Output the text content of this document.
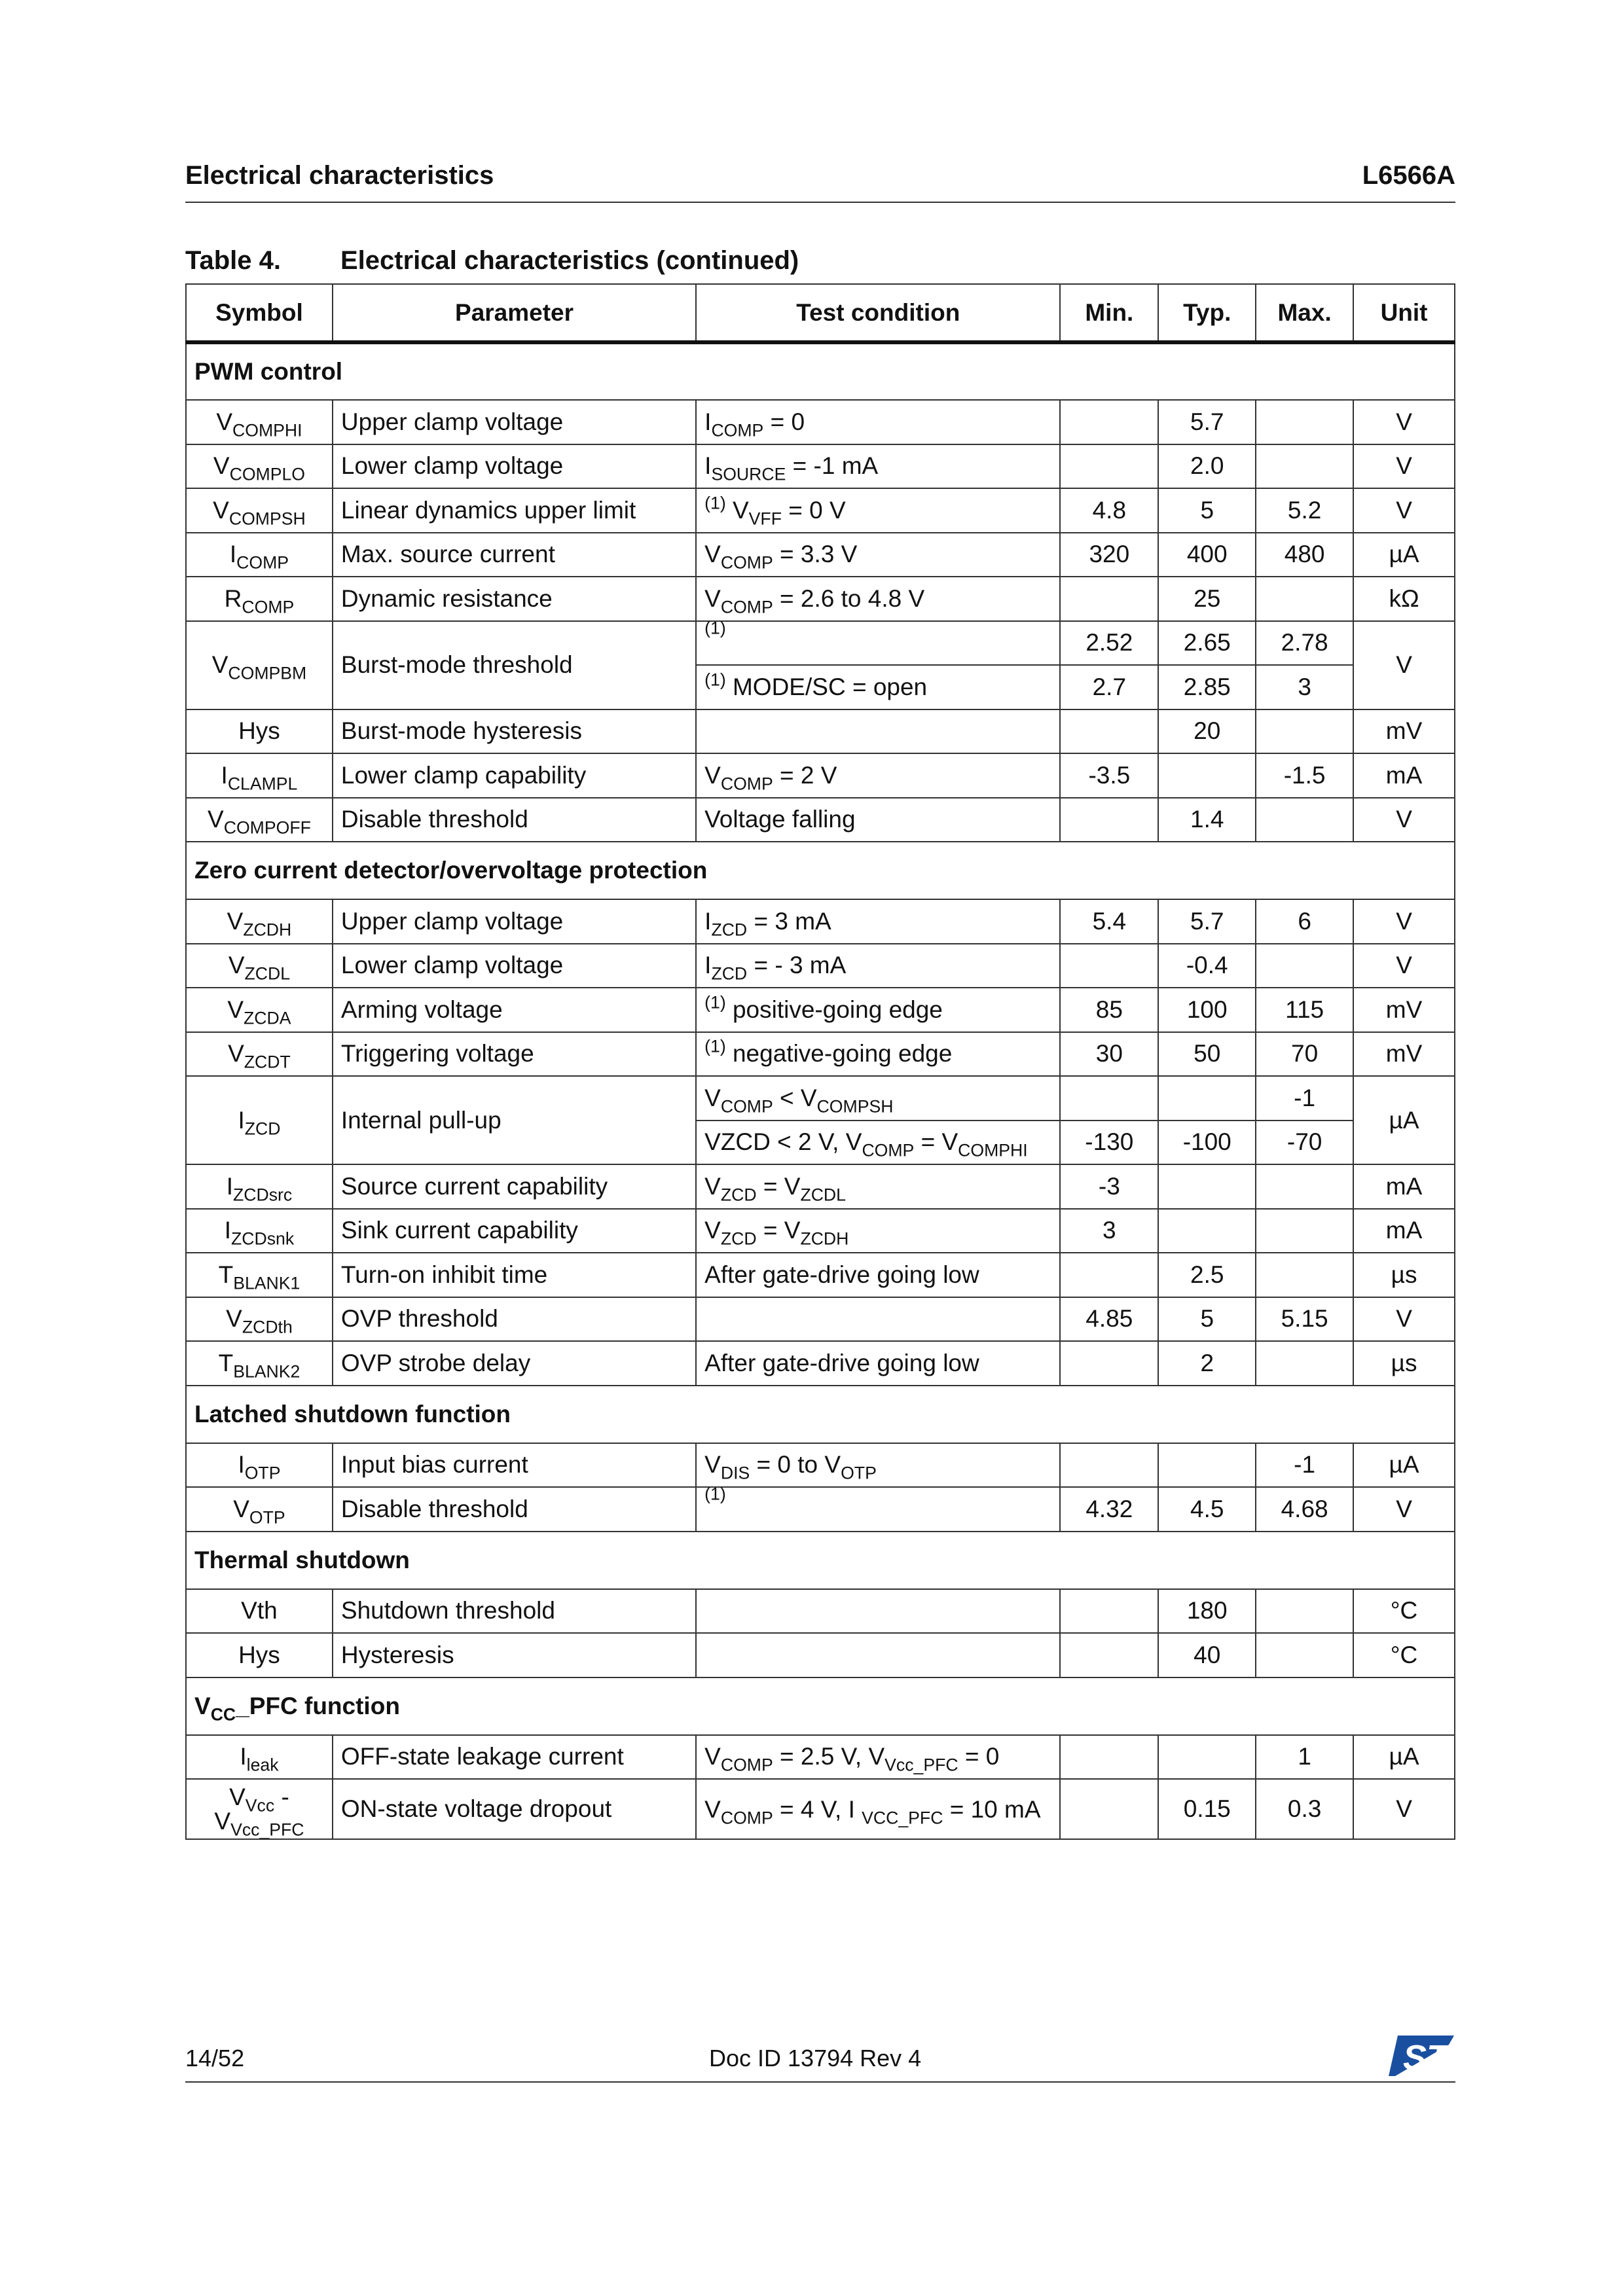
Electrical characteristics	L6566A
Table 4. Electrical characteristics (continued)
Symbol	Parameter	Test condition	Min.	Typ.	Max.	Unit
PWM control						
$V_{COMPHI}$	Upper clamp voltage	$I_{COMP} = 0$		5.7		V
$V_{COMPLO}$	Lower clamp voltage	$I_{SOURCE} = -1$ mA		2.0		V
$V_{COMPSH}$	Linear dynamics upper limit	$^{(1)}$ $V_{VFF} = 0$ V	4.8	5	5.2	V
$I_{COMP}$	Max. source current	$V_{COMP} = 3.3$ V	320	400	480	µA
$R_{COMP}$	Dynamic resistance	$V_{COMP} = 2.6$ to 4.8 V		25		kΩ
$V_{COMPBM}$	Burst-mode threshold	$^{(1)}$	2.52	2.65	2.78	V
		$^{(1)}$ MODE/SC = open	2.7	2.85	3	
Hys	Burst-mode hysteresis			20		mV
$I_{CLAMPL}$	Lower clamp capability	$V_{COMP} = 2$ V	-3.5		-1.5	mA
$V_{COMPOFF}$	Disable threshold	Voltage falling		1.4		V
Zero current detector/overvoltage protection						
$V_{ZCDH}$	Upper clamp voltage	$I_{ZCD} = 3$ mA	5.4	5.7	6	V
$V_{ZCDL}$	Lower clamp voltage	$I_{ZCD}$ = - 3 mA		-0.4		V
$V_{ZCDA}$	Arming voltage	$^{(1)}$ positive-going edge	85	100	115	mV
$V_{ZCDT}$	Triggering voltage	$^{(1)}$ negative-going edge	30	50	70	mV
$I_{ZCD}$	Internal pull-up	$V_{COMP} < V_{COMPSH}$			-1	µA
		VZCD < 2 V, $V_{COMP} = V_{COMPHI}$	-130	-100	-70	
$I_{ZCDsrc}$	Source current capability	$V_{ZCD} = V_{ZCDL}$	-3			mA
$I_{ZCDsnk}$	Sink current capability	$V_{ZCD} = V_{ZCDH}$	3			mA
$T_{BLANK1}$	Turn-on inhibit time	After gate-drive going low		2.5		µs
$V_{ZCDth}$	OVP threshold		4.85	5	5.15	V
$T_{BLANK2}$	OVP strobe delay	After gate-drive going low		2		µs
Latched shutdown function						
$I_{OTP}$	Input bias current	$V_{DIS} = 0$ to $V_{OTP}$			-1	µA
$V_{OTP}$	Disable threshold	$^{(1)}$	4.32	4.5	4.68	V
Thermal shutdown						
Vth	Shutdown threshold			180		°C
Hys	Hysteresis			40		°C
$V_{CC}\_PFC$ function						
$I_{leak}$	OFF-state leakage current	$V_{COMP} = 2.5$ V, $V_{Vcc\_PFC} = 0$			1	µA
$V_{Vcc}$ -
$V_{Vcc\_PFC}$	ON-state voltage dropout	$V_{COMP} = 4$ V, I $_{VCC\_PFC}$ = 10 mA		0.15	0.3	V
14/52	Doc ID 13794 Rev 4	ST
